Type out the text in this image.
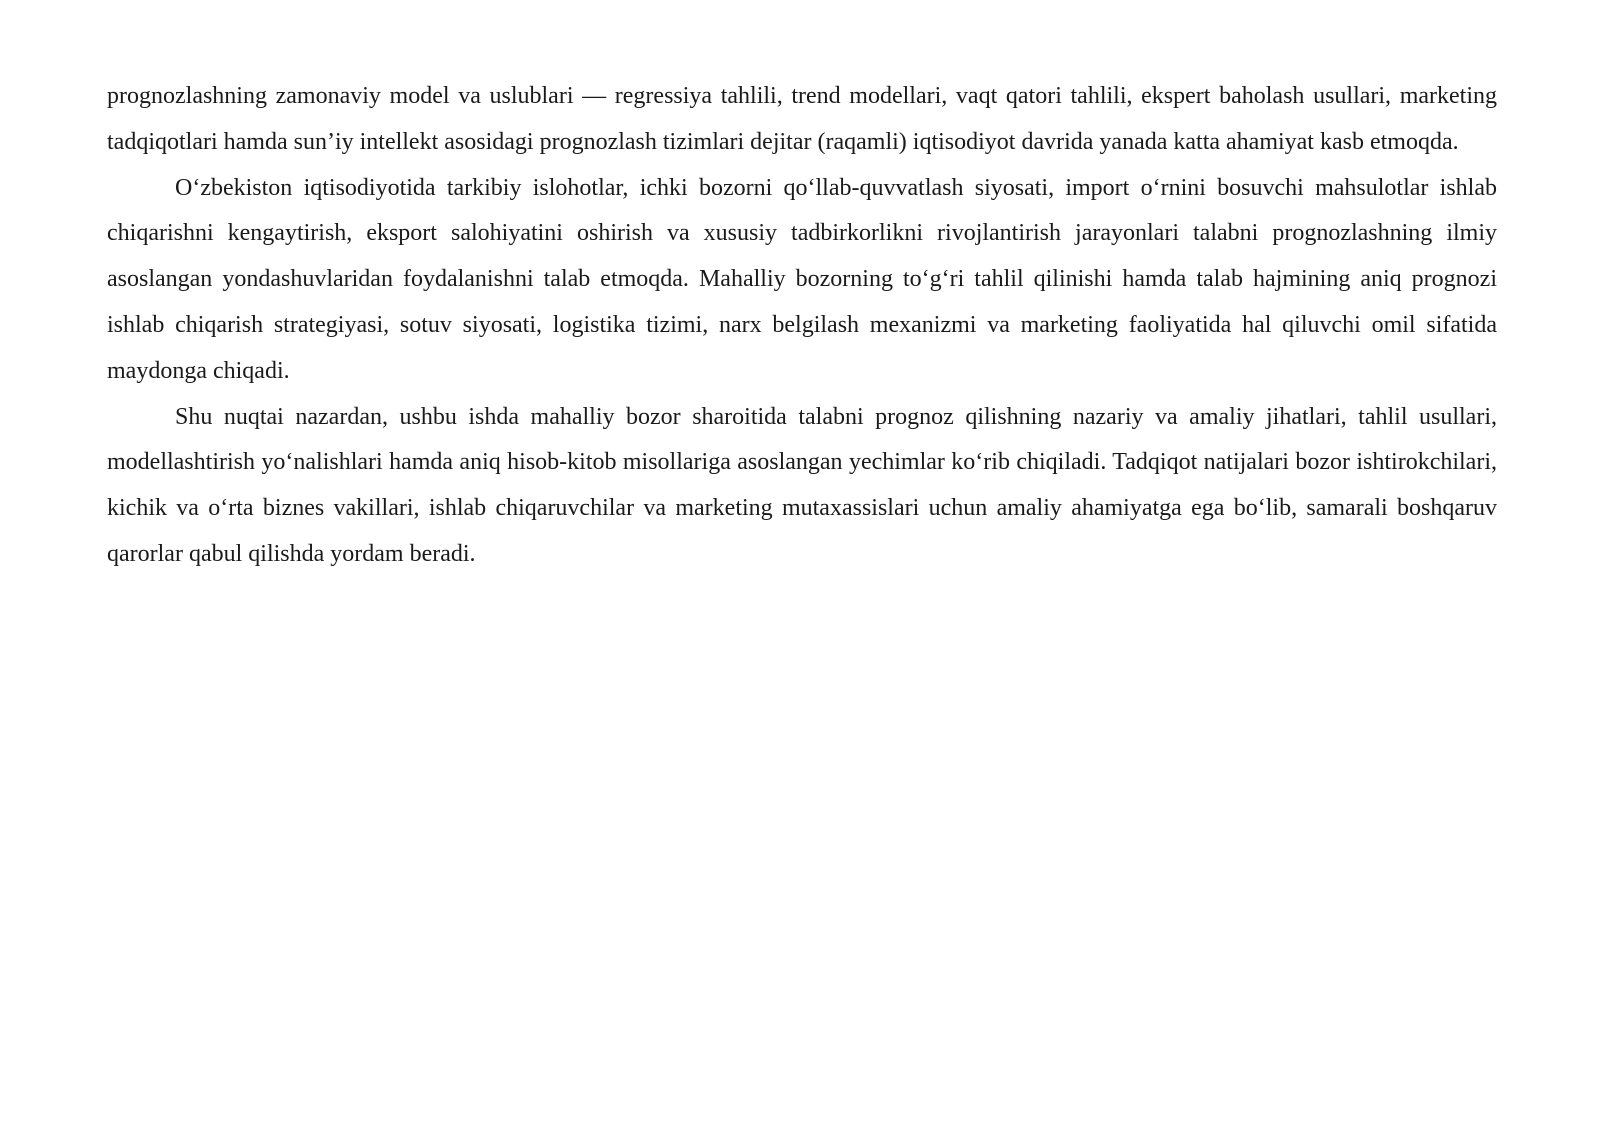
prognozlashning zamonaviy model va uslublari — regressiya tahlili, trend modellari, vaqt qatori tahlili, ekspert baholash usullari, marketing tadqiqotlari hamda sun’iy intellekt asosidagi prognozlash tizimlari dejitar (raqamli) iqtisodiyot davrida yanada katta ahamiyat kasb etmoqda.

O‘zbekiston iqtisodiyotida tarkibiy islohotlar, ichki bozorni qo‘llab-quvvatlash siyosati, import o‘rnini bosuvchi mahsulotlar ishlab chiqarishni kengaytirish, eksport salohiyatini oshirish va xususiy tadbirkorlikni rivojlantirish jarayonlari talabni prognozlashning ilmiy asoslangan yondashuvlaridan foydalanishni talab etmoqda. Mahalliy bozorning to‘g‘ri tahlil qilinishi hamda talab hajmining aniq prognozi ishlab chiqarish strategiyasi, sotuv siyosati, logistika tizimi, narx belgilash mexanizmi va marketing faoliyatida hal qiluvchi omil sifatida maydonga chiqadi.

Shu nuqtai nazardan, ushbu ishda mahalliy bozor sharoitida talabni prognoz qilishning nazariy va amaliy jihatlari, tahlil usullari, modellashtirish yo‘nalishlari hamda aniq hisob-kitob misollariga asoslangan yechimlar ko‘rib chiqiladi. Tadqiqot natijalari bozor ishtirokchilari, kichik va o‘rta biznes vakillari, ishlab chiqaruvchilar va marketing mutaxassislari uchun amaliy ahamiyatga ega bo‘lib, samarali boshqaruv qarorlar qabul qilishda yordam beradi.
